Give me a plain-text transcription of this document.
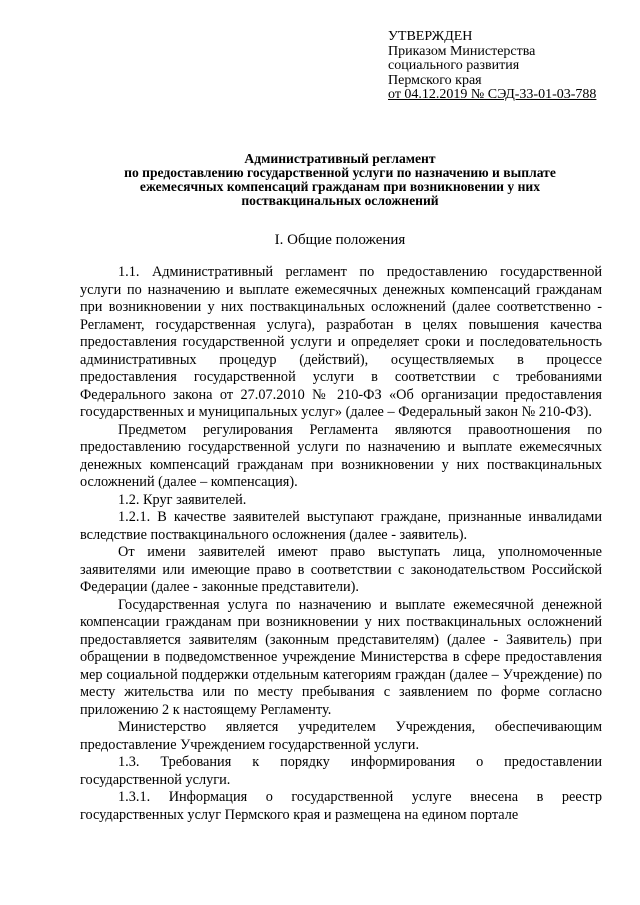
УТВЕРЖДЕН
Приказом Министерства
социального развития
Пермского края
от 04.12.2019 № СЭД-33-01-03-788
Административный регламент
по предоставлению государственной услуги по назначению и выплате
ежемесячных компенсаций гражданам при возникновении у них
поствакцинальных осложнений
I. Общие положения

1.1. Административный регламент по предоставлению государственной услуги по назначению и выплате ежемесячных денежных компенсаций гражданам при возникновении у них поствакцинальных осложнений (далее соответственно - Регламент, государственная услуга), разработан в целях повышения качества предоставления государственной услуги и определяет сроки и последовательность административных процедур (действий), осуществляемых в процессе предоставления государственной услуги в соответствии с требованиями Федерального закона от 27.07.2010 № 210-ФЗ «Об организации предоставления государственных и муниципальных услуг» (далее – Федеральный закон № 210-ФЗ).

Предметом регулирования Регламента являются правоотношения по предоставлению государственной услуги по назначению и выплате ежемесячных денежных компенсаций гражданам при возникновении у них поствакцинальных осложнений (далее – компенсация).

1.2. Круг заявителей.

1.2.1. В качестве заявителей выступают граждане, признанные инвалидами вследствие поствакцинального осложнения (далее - заявитель).

От имени заявителей имеют право выступать лица, уполномоченные заявителями или имеющие право в соответствии с законодательством Российской Федерации (далее - законные представители).

Государственная услуга по назначению и выплате ежемесячной денежной компенсации гражданам при возникновении у них поствакцинальных осложнений предоставляется заявителям (законным представителям) (далее - Заявитель) при обращении в подведомственное учреждение Министерства в сфере предоставления мер социальной поддержки отдельным категориям граждан (далее – Учреждение) по месту жительства или по месту пребывания с заявлением по форме согласно приложению 2 к настоящему Регламенту.

Министерство является учредителем Учреждения, обеспечивающим предоставление Учреждением государственной услуги.

1.3. Требования к порядку информирования о предоставлении государственной услуги.

1.3.1. Информация о государственной услуге внесена в реестр государственных услуг Пермского края и размещена на едином портале
